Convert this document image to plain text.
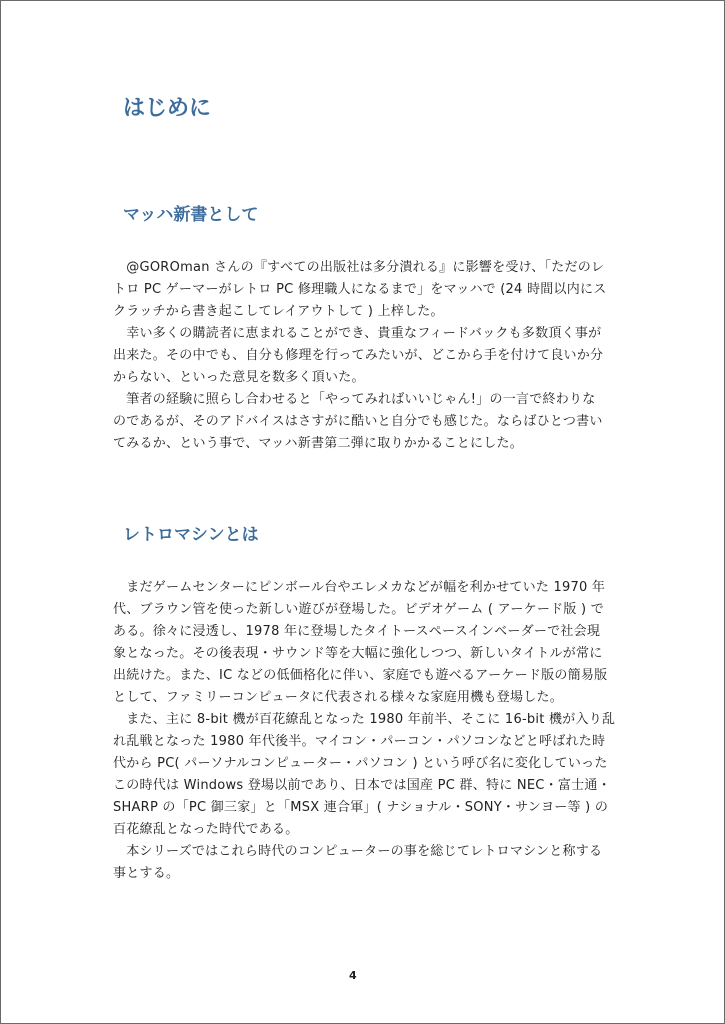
はじめに
マッハ新書として
　@GOROman さんの『すべての出版社は多分潰れる』に影響を受け、「ただのレ
トロ PC ゲーマーがレトロ PC 修理職人になるまで」をマッハで (24 時間以内にス
クラッチから書き起こしてレイアウトして ) 上梓した。
　幸い多くの購読者に恵まれることができ、貴重なフィードバックも多数頂く事が
出来た。その中でも、自分も修理を行ってみたいが、どこから手を付けて良いか分
からない、といった意見を数多く頂いた。
　筆者の経験に照らし合わせると「やってみればいいじゃん!」の一言で終わりな
のであるが、そのアドバイスはさすがに酷いと自分でも感じた。ならばひとつ書い
てみるか、という事で、マッハ新書第二弾に取りかかることにした。
レトロマシンとは
　まだゲームセンターにピンボール台やエレメカなどが幅を利かせていた 1970 年
代、ブラウン管を使った新しい遊びが登場した。ビデオゲーム ( アーケード版 ) で
ある。徐々に浸透し、1978 年に登場したタイトースペースインベーダーで社会現
象となった。その後表現・サウンド等を大幅に強化しつつ、新しいタイトルが常に
出続けた。また、IC などの低価格化に伴い、家庭でも遊べるアーケード版の簡易版
として、ファミリーコンピュータに代表される様々な家庭用機も登場した。
　また、主に 8-bit 機が百花繚乱となった 1980 年前半、そこに 16-bit 機が入り乱
れ乱戦となった 1980 年代後半。マイコン・パーコン・パソコンなどと呼ばれた時
代から PC( パーソナルコンピューター・パソコン ) という呼び名に変化していった
この時代は Windows 登場以前であり、日本では国産 PC 群、特に NEC・富士通・
SHARP の「PC 御三家」と「MSX 連合軍」( ナショナル・SONY・サンヨー等 ) の
百花繚乱となった時代である。
　本シリーズではこれら時代のコンピューターの事を総じてレトロマシンと称する
事とする。
4
